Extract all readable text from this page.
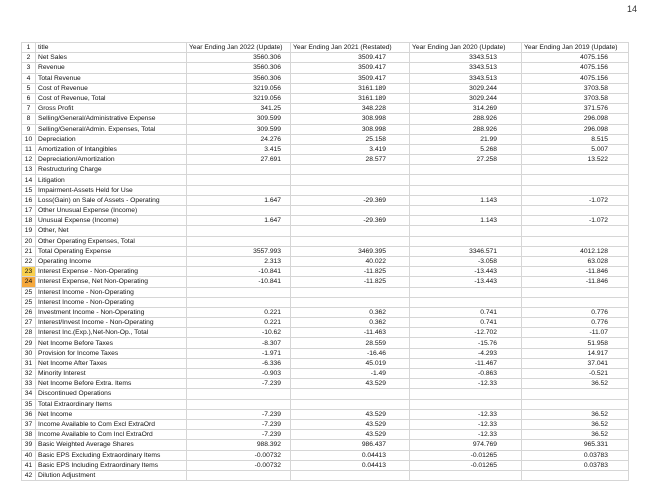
14
1	title	Year Ending Jan 2022 (Update)	Year Ending Jan 2021 (Restated)	Year Ending Jan 2020 (Update)	Year Ending Jan 2019 (Update)
2	Net Sales	3560.306	3509.417	3343.513	4075.156
3	Revenue	3560.306	3509.417	3343.513	4075.156
4	Total Revenue	3560.306	3509.417	3343.513	4075.156
5	Cost of Revenue	3219.056	3161.189	3029.244	3703.58
6	Cost of Revenue, Total	3219.056	3161.189	3029.244	3703.58
7	Gross Profit	341.25	348.228	314.269	371.576
8	Selling/General/Administrative Expense	309.599	308.998	288.926	296.098
9	Selling/General/Admin. Expenses, Total	309.599	308.998	288.926	296.098
10	Depreciation	24.276	25.158	21.99	8.515
11	Amortization of Intangibles	3.415	3.419	5.268	5.007
12	Depreciation/Amortization	27.691	28.577	27.258	13.522
13	Restructuring Charge				
14	Litigation				
15	Impairment-Assets Held for Use				
16	Loss(Gain) on Sale of Assets - Operating	1.647	-29.369	1.143	-1.072
17	Other Unusual Expense (Income)				
18	Unusual Expense (Income)	1.647	-29.369	1.143	-1.072
19	Other, Net				
20	Other Operating Expenses, Total				
21	Total Operating Expense	3557.993	3469.395	3346.571	4012.128
22	Operating Income	2.313	40.022	-3.058	63.028
23	Interest Expense - Non-Operating	-10.841	-11.825	-13.443	-11.846
24	Interest Expense, Net Non-Operating	-10.841	-11.825	-13.443	-11.846
25	Interest Income - Non-Operating				
25	Interest Income - Non-Operating				
26	Investment Income - Non-Operating	0.221	0.362	0.741	0.776
27	Interest/Invest Income - Non-Operating	0.221	0.362	0.741	0.776
28	Interest Inc.(Exp.),Net-Non-Op., Total	-10.62	-11.463	-12.702	-11.07
29	Net Income Before Taxes	-8.307	28.559	-15.76	51.958
30	Provision for Income Taxes	-1.971	-16.46	-4.293	14.917
31	Net Income After Taxes	-6.336	45.019	-11.467	37.041
32	Minority Interest	-0.903	-1.49	-0.863	-0.521
33	Net Income Before Extra. Items	-7.239	43.529	-12.33	36.52
34	Discontinued Operations				
35	Total Extraordinary Items				
36	Net Income	-7.239	43.529	-12.33	36.52
37	Income Available to Com Excl ExtraOrd	-7.239	43.529	-12.33	36.52
38	Income Available to Com Incl ExtraOrd	-7.239	43.529	-12.33	36.52
39	Basic Weighted Average Shares	988.392	986.437	974.769	965.331
40	Basic EPS Excluding Extraordinary Items	-0.00732	0.04413	-0.01265	0.03783
41	Basic EPS Including Extraordinary Items	-0.00732	0.04413	-0.01265	0.03783
42	Dilution Adjustment				
